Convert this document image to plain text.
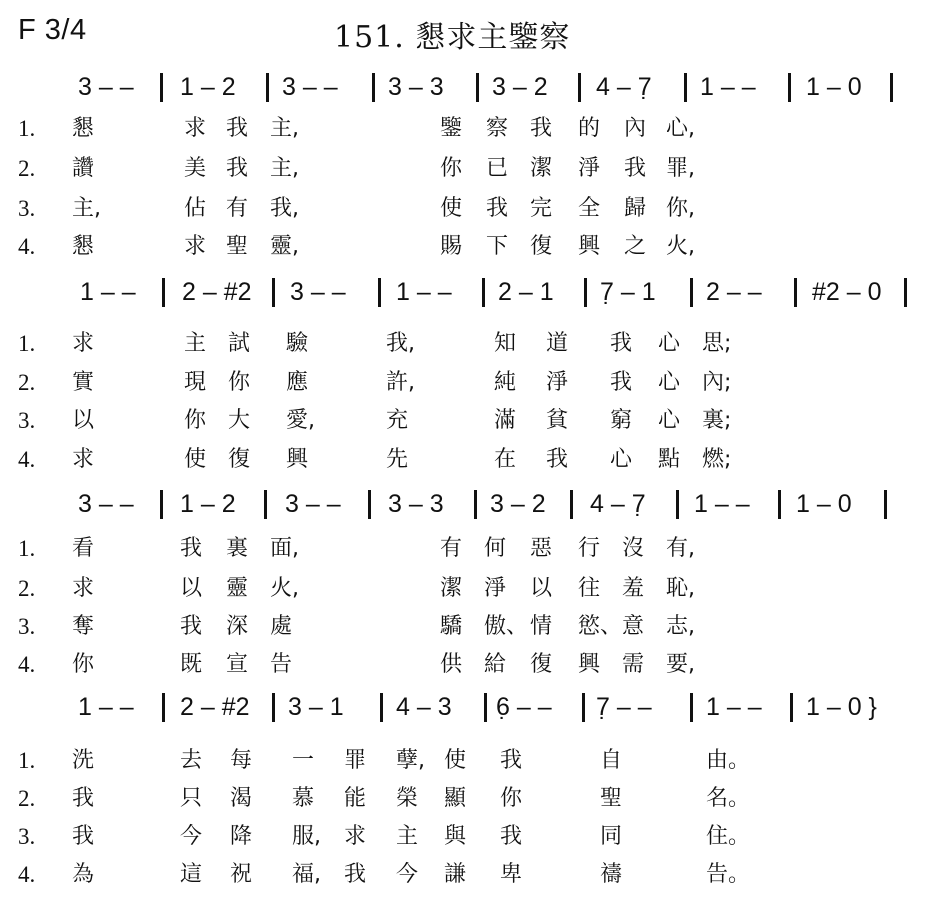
F 3/4	151. 懇求主鑒察
3 – – 1 – 2 3 – – 3 – 3 3 – 2 4 – 7̣ 1 – – 1 – 0
1. 懇	求 我 主,	鑒 察 我 的 內 心,
2. 讚	美 我 主,	你 已 潔 淨 我 罪,
3. 主,	佔 有 我,	使 我 完 全 歸 你,
4. 懇	求 聖 靈,	賜 下 復 興 之 火,
1 – – 2 – #2 3 – – 1 – – 2 – 1 7̣ – 1 2 – – #2 – 0
1. 求	主 試 驗	我,	知 道 我 心 思;
2. 實	現 你 應	許,	純 淨 我 心 內;
3. 以	你 大 愛,	充	滿 貧 窮 心 裏;
4. 求	使 復 興	先	在 我 心 點 燃;
3 – – 1 – 2 3 – – 3 – 3 3 – 2 4 – 7̣ 1 – – 1 – 0
1. 看	我 裏 面,	有 何 惡 行 沒 有,
2. 求	以 靈 火,	潔 淨 以 往 羞 恥,
3. 奪	我 深 處	驕 傲、 情 慾、 意 志,
4. 你	既 宣 告	供 給 復 興 需 要,
1 – – 2 – #2 3 – 1 4 – 3 6̣ – – 7̣ – – 1 – – 1 – 0 }
1. 洗	去 每 一 罪 孽, 使 我	自	由。
2. 我	只 渴 慕 能 榮 顯 你	聖	名。
3. 我	今 降 服, 求 主 與 我	同	住。
4. 為	這 祝 福, 我 今 謙 卑	禱	告。
